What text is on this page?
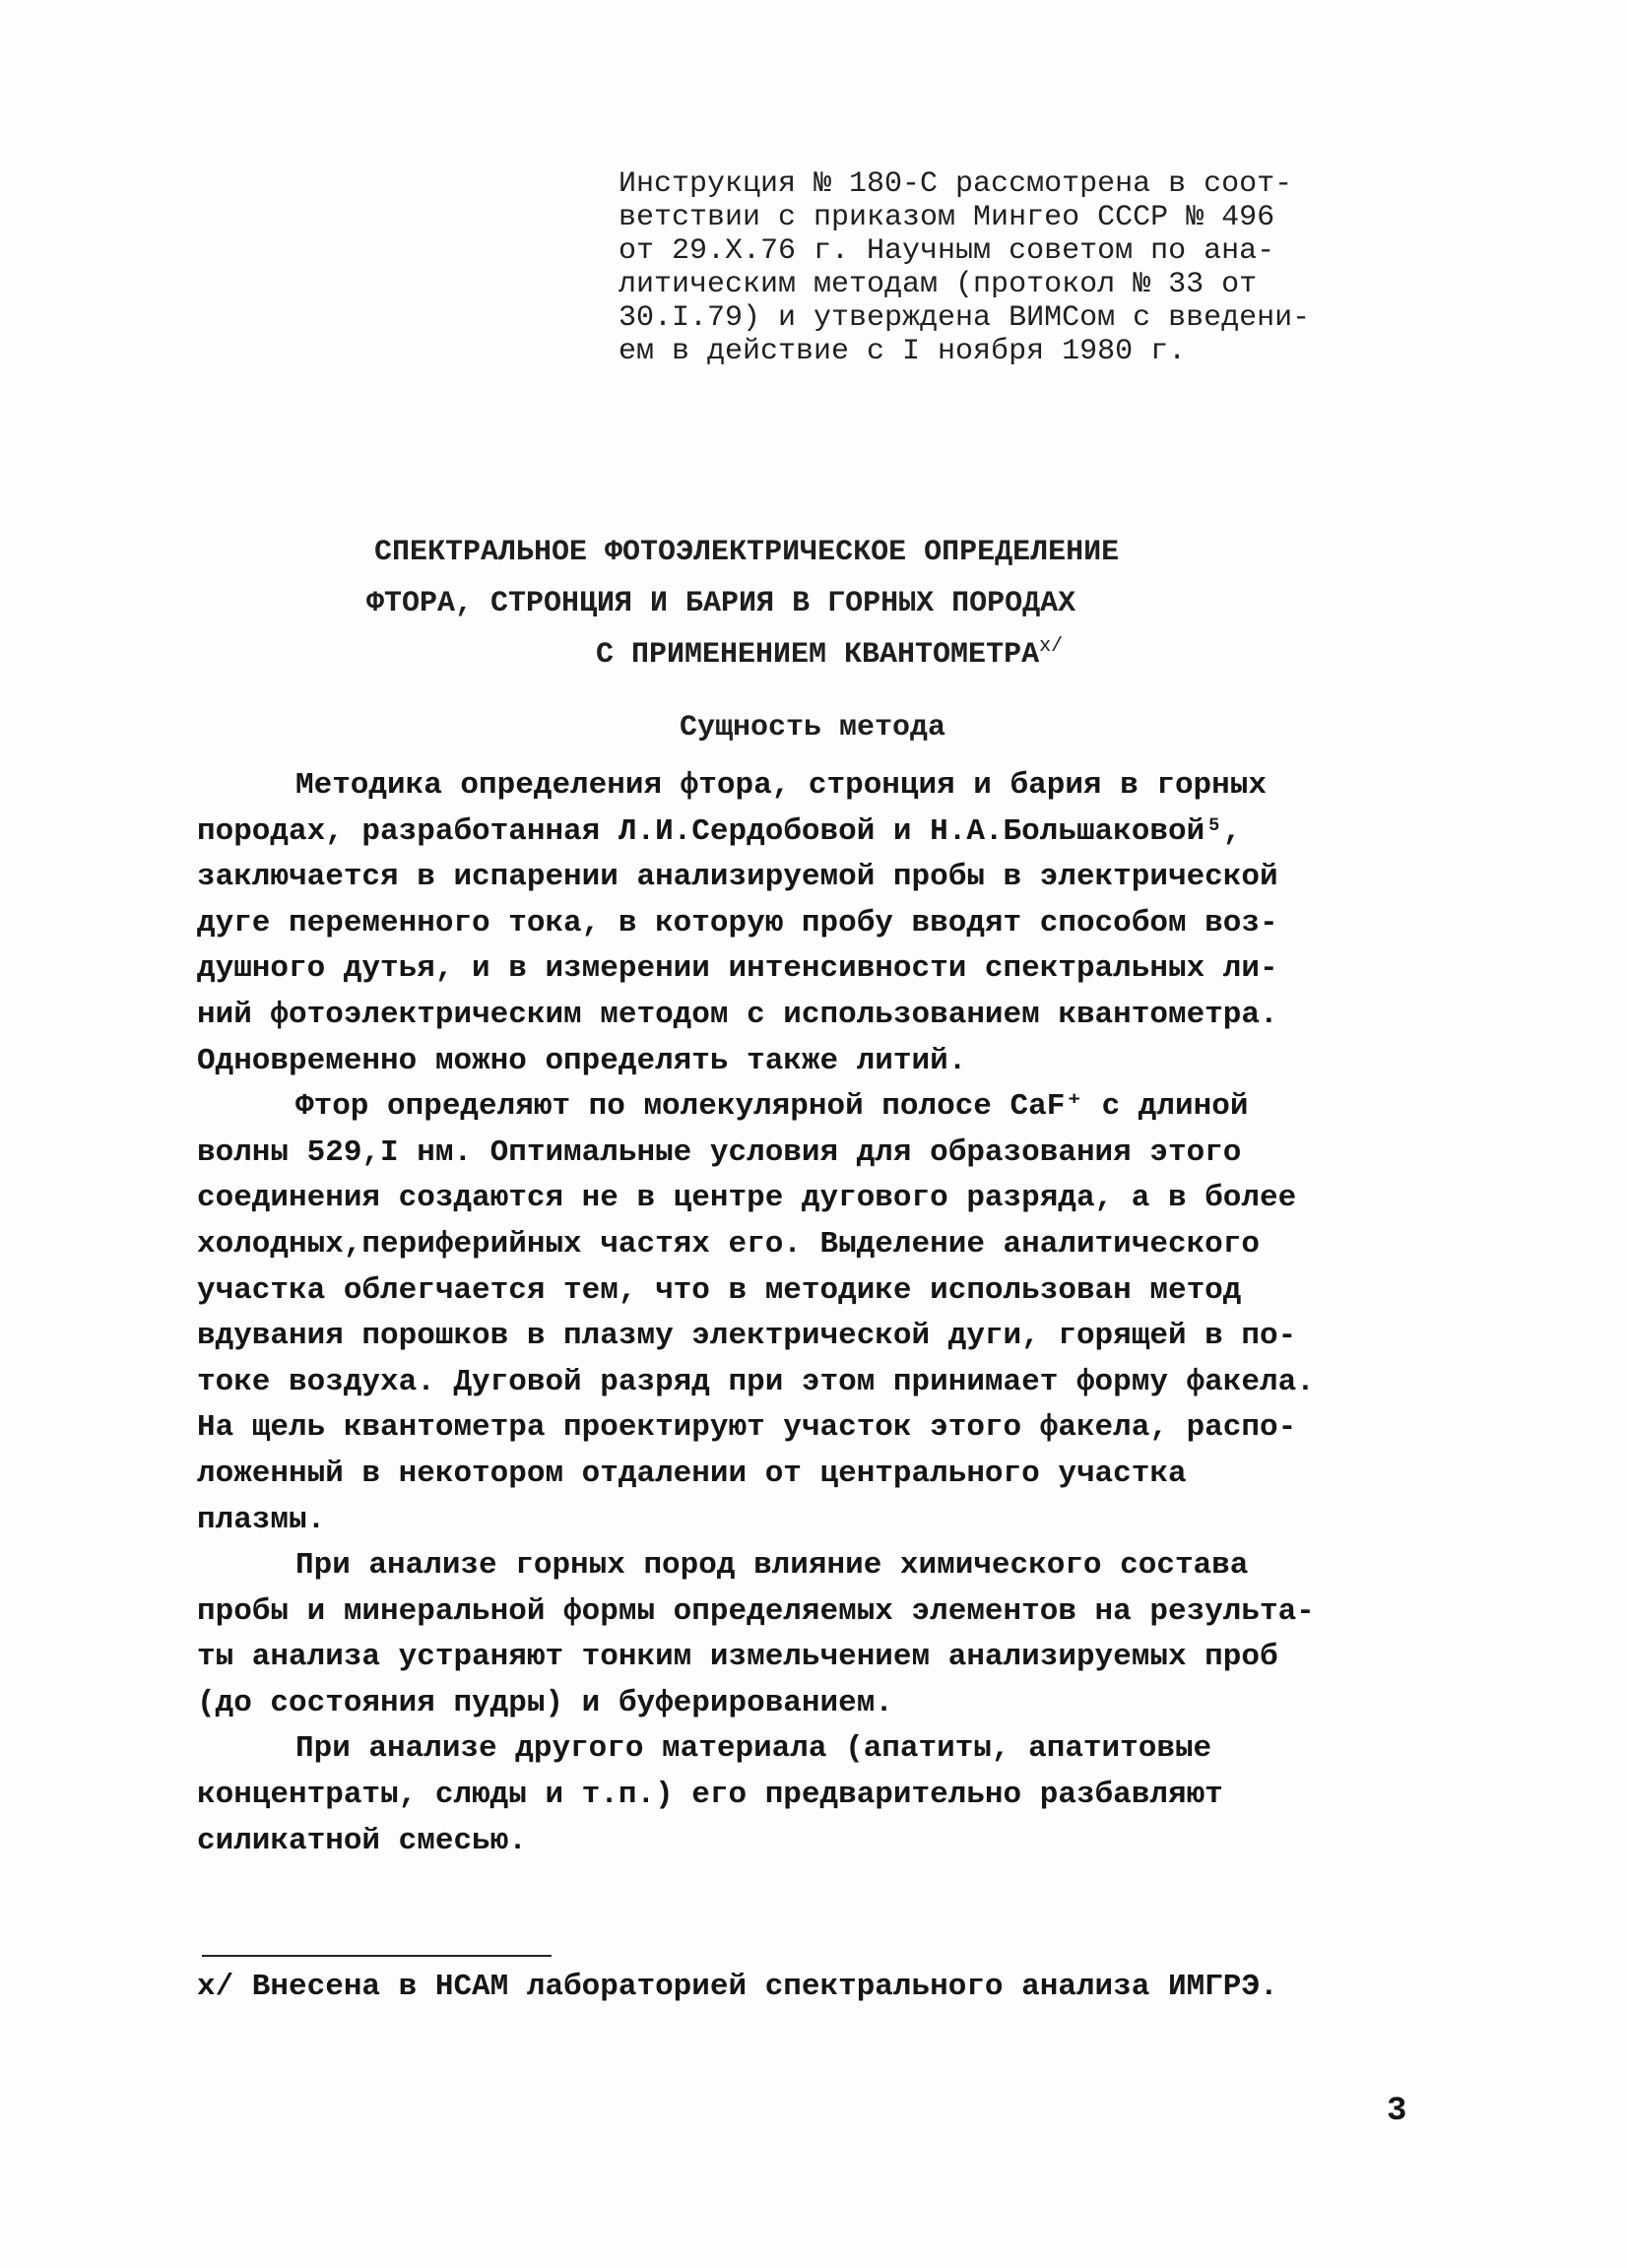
Инструкция № 180-С рассмотрена в соот-
ветствии с приказом Мингео СССР № 496
от 29.X.76 г. Научным советом по ана-
литическим методам (протокол № 33 от
30.I.79) и утверждена ВИМСом с введени-
ем в действие с I ноября 1980 г.
СПЕКТРАЛЬНОЕ ФОТОЭЛЕКТРИЧЕСКОЕ ОПРЕДЕЛЕНИЕ
ФТОРА, СТРОНЦИЯ И БАРИЯ В ГОРНЫХ ПОРОДАХ
С ПРИМЕНЕНИЕМ $КВАНТОМЕТРА^{х/}$
Сущность метода
Методика определения фтора, стронция и бария в горных
породах, разработанная Л.И.Сердобовой и Н.А.Большаковой⁵,
заключается в испарении анализируемой пробы в электрической
дуге переменного тока, в которую пробу вводят способом воз-
душного дутья, и в измерении интенсивности спектральных ли-
ний фотоэлектрическим методом с использованием квантометра.
Одновременно можно определять также литий.
Фтор определяют по молекулярной полосе CaF⁺ с длиной
волны 529,I нм. Оптимальные условия для образования этого
соединения создаются не в центре дугового разряда, а в более
холодных,периферийных частях его. Выделение аналитического
участка облегчается тем, что в методике использован метод
вдувания порошков в плазму электрической дуги, горящей в по-
токе воздуха. Дуговой разряд при этом принимает форму факела.
На щель квантометра проектируют участок этого факела, распо-
ложенный в некотором отдалении от центрального участка
плазмы.
При анализе горных пород влияние химического состава
пробы и минеральной формы определяемых элементов на результа-
ты анализа устраняют тонким измельчением анализируемых проб
(до состояния пудры) и буферированием.
При анализе другого материала (апатиты, апатитовые
концентраты, слюды и т.п.) его предварительно разбавляют
силикатной смесью.
х/ Внесена в НСАМ лабораторией спектрального анализа ИМГРЭ.
3
